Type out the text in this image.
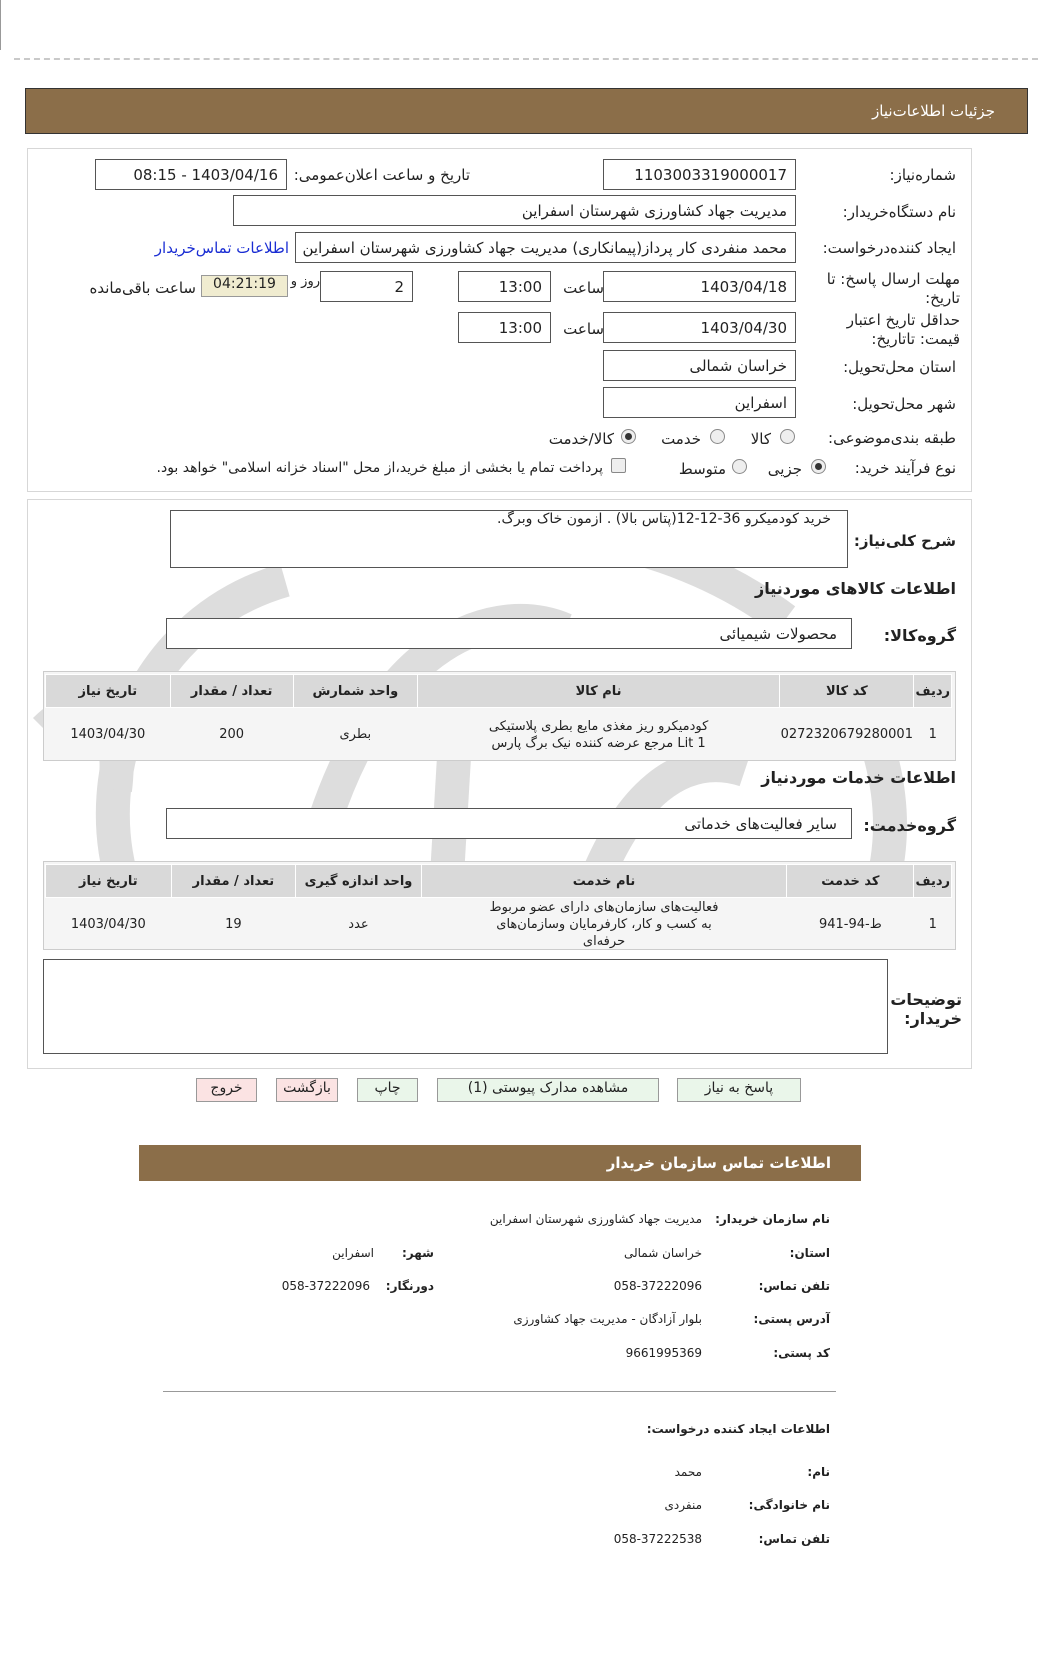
جزئیات اطلاعات‌نیاز
شماره‌نیاز:
1103003319000017
تاریخ و ساعت اعلان‌عمومی:
1403/04/16 - 08:15
نام دستگاه‌خریدار:
مدیریت جهاد کشاورزی شهرستان اسفراین
ایجاد کننده‌درخواست:
محمد منفردی کار پرداز(پیمانکاری) مدیریت جهاد کشاورزی شهرستان اسفراین
اطلاعات تماس‌خریدار
مهلت ارسال پاسخ: تا تاریخ:
1403/04/18
ساعت
13:00
2
روز و
04:21:19
ساعت باقی‌مانده
حداقل تاریخ اعتبار قیمت: تاتاریخ:
1403/04/30
ساعت
13:00
استان محل‌تحویل:
خراسان شمالی
شهر محل‌تحویل:
اسفراین
طبقه بندی‌موضوعی:
کالا
خدمت
کالا/خدمت
نوع فرآیند خرید:
جزیی
متوسط
پرداخت تمام یا بخشی از مبلغ خرید،از محل "اسناد خزانه اسلامی" خواهد بود.
شرح کلی‌نیاز:
خرید کودمیکرو 36-12-12(پتاس بالا) . ازمون خاک وبرگ.
اطلاعات کالاهای موردنیاز
گروه‌کالا:
محصولات شیمیائی
ردیف	کد کالا	نام کالا	واحد شمارش	تعداد / مقدار	تاریخ نیاز
1	0272320679280001	کودمیکرو ریز مغذی مایع بطری پلاستیکی 1 Lit مرجع عرضه کننده نیک برگ پارس	بطری	200	1403/04/30
اطلاعات خدمات موردنیاز
گروه‌خدمت:
سایر فعالیت‌های خدماتی
ردیف	کد خدمت	نام خدمت	واحد اندازه گیری	تعداد / مقدار	تاریخ نیاز
1	ط-94-941	فعالیت‌های سازمان‌های دارای عضو مربوط به کسب و کار، کارفرمایان وسازمان‌های حرفه‌ای	عدد	19	1403/04/30
توضیحات خریدار:
پاسخ به نیاز
مشاهده مدارک پیوستی (1)
چاپ
بازگشت
خروج
اطلاعات تماس سازمان خریدار
نام سازمان خریدار:
مدیریت جهاد کشاورزی شهرستان اسفراین
استان:
خراسان شمالی
شهر:
اسفراین
تلفن تماس:
058-37222096
دورنگار:
058-37222096
آدرس پستی:
بلوار آزادگان - مدیریت جهاد کشاورزی
کد پستی:
9661995369
اطلاعات ایجاد کننده درخواست:
نام:
محمد
نام خانوادگی:
منفردی
تلفن تماس:
058-37222538
